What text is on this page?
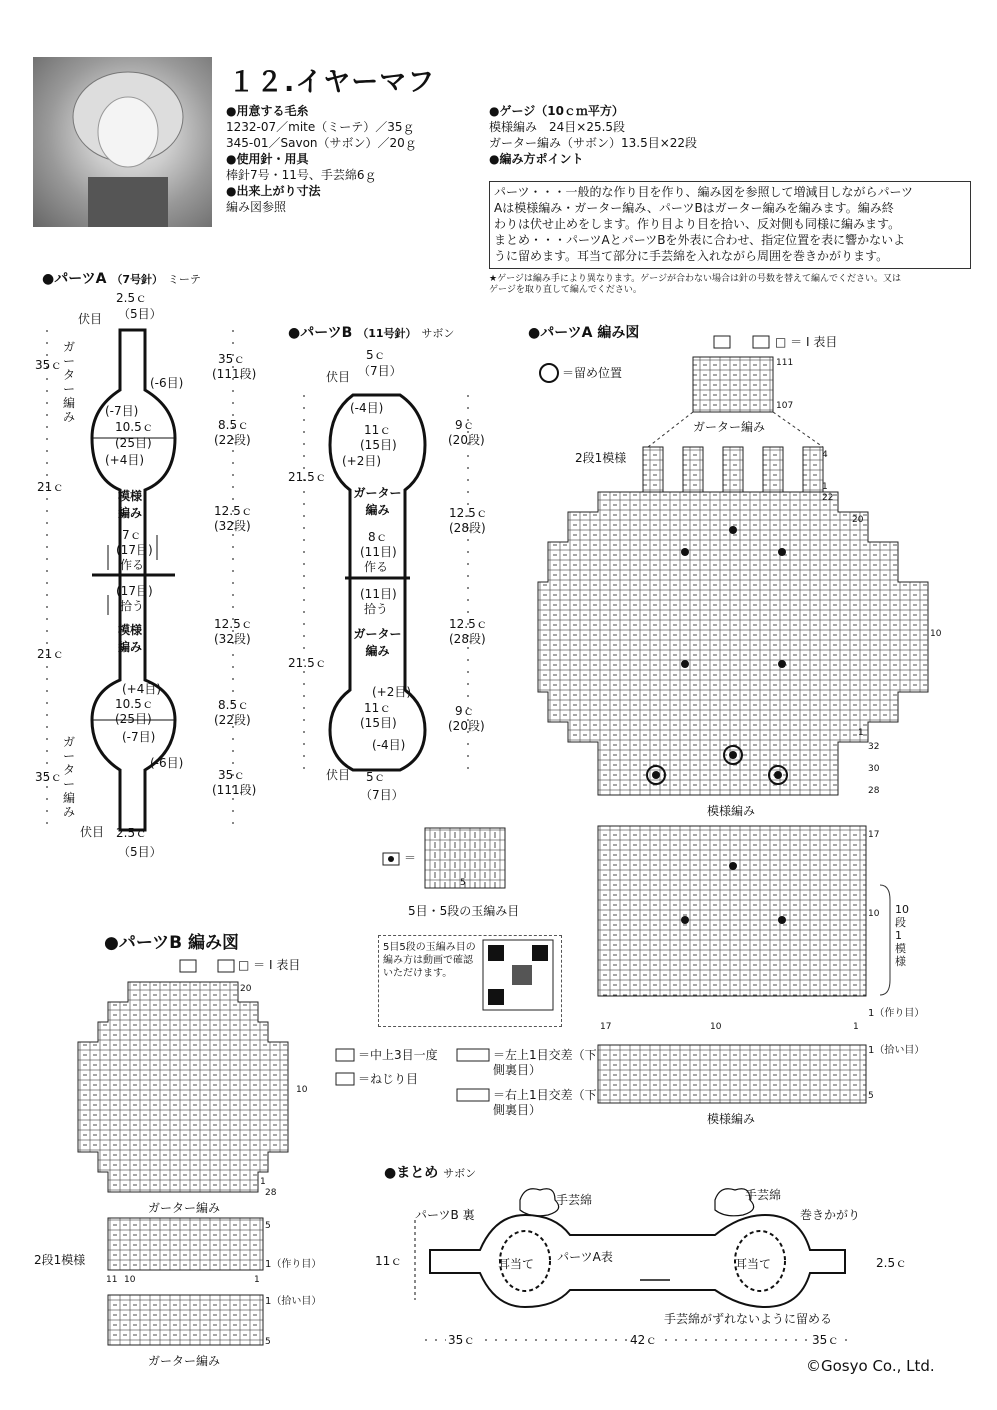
１２.イヤーマフ
●用意する毛糸
1232-07／mite（ミーテ）／35ｇ
345-01／Savon（サボン）／20ｇ
●使用針・用具
棒針7号・11号、手芸綿6ｇ
●出来上がり寸法
編み図参照
●ゲージ（10ｃｍ平方）
模様編み　24目×25.5段
ガーター編み（サボン）13.5目×22段
●編み方ポイント
パーツ・・・一般的な作り目を作り、編み図を参照して増減目しながらパーツ
Aは模様編み・ガーター編み、パーツBはガーター編みを編みます。編み終
わりは伏せ止めをします。作り目より目を拾い、反対側も同様に編みます。
まとめ・・・パーツAとパーツBを外表に合わせ、指定位置を表に響かないよ
うに留めます。耳当て部分に手芸綿を入れながら周囲を巻きかがります。
★ゲージは編み手により異なります。ゲージが合わない場合は針の号数を替えて編んでください。又は
ゲージを取り直して編んでください。
●パーツA （7号針） ミーテ
2.5ｃ
（5目）
伏目
ガーター編み
35ｃ
(-6目)
(-7目)
10.5ｃ
(25目)
(+4目)
21ｃ
模様編み
7ｃ
(17目)
作る
(17目)
拾う
模様編み
21ｃ
(+4目)
10.5ｃ
(25目)
(-7目)
(-6目)
ガーター編み
35ｃ
伏目 2.5ｃ
（5目）
35ｃ
(111段)
8.5ｃ
(22段)
12.5ｃ
(32段)
12.5ｃ
(32段)
8.5ｃ
(22段)
35ｃ
(111段)
●パーツB （11号針） サボン
5ｃ
（7目）
伏目
(-4目)
11ｃ
(15目)
(+2目)
21.5ｃ
ガーター編み
8ｃ
(11目)
作る
(11目)
拾う
ガーター編み
21.5ｃ
(+2目)
11ｃ
(15目)
(-4目)
伏目 5ｃ
（7目）
9ｃ
(20段)
12.5ｃ
(28段)
12.5ｃ
(28段)
9ｃ
(20段)
●パーツA 編み図
□ ＝ Ⅰ 表目
＝留め位置
111
107
ガーター編み
2段1模様	4
1
22
20
10
1
32
30
28
模様編み
17
10 10段1模様
17	10	1
1（作り目）
1（拾い目）
5
模様編み
＝
5
5目・5段の玉編み目
5目5段の玉編み目の編み方は動画で確認いただけます。
＝中上3目一度
＝ねじり目
＝左上1目交差（下側裏目）
＝右上1目交差（下側裏目）
●パーツB 編み図
□ ＝ Ⅰ 表目
20
10
1
28
ガーター編み
5
2段1模様	1（作り目）
11 10	1
1（拾い目）
5
ガーター編み
●まとめ サボン
手芸綿	手芸綿
パーツB 裏	巻きかがり
耳当て	耳当て
パーツA表
手芸綿がずれないように留める
11ｃ	2.5ｃ
35ｃ	42ｃ	35ｃ
©Gosyo Co., Ltd.
